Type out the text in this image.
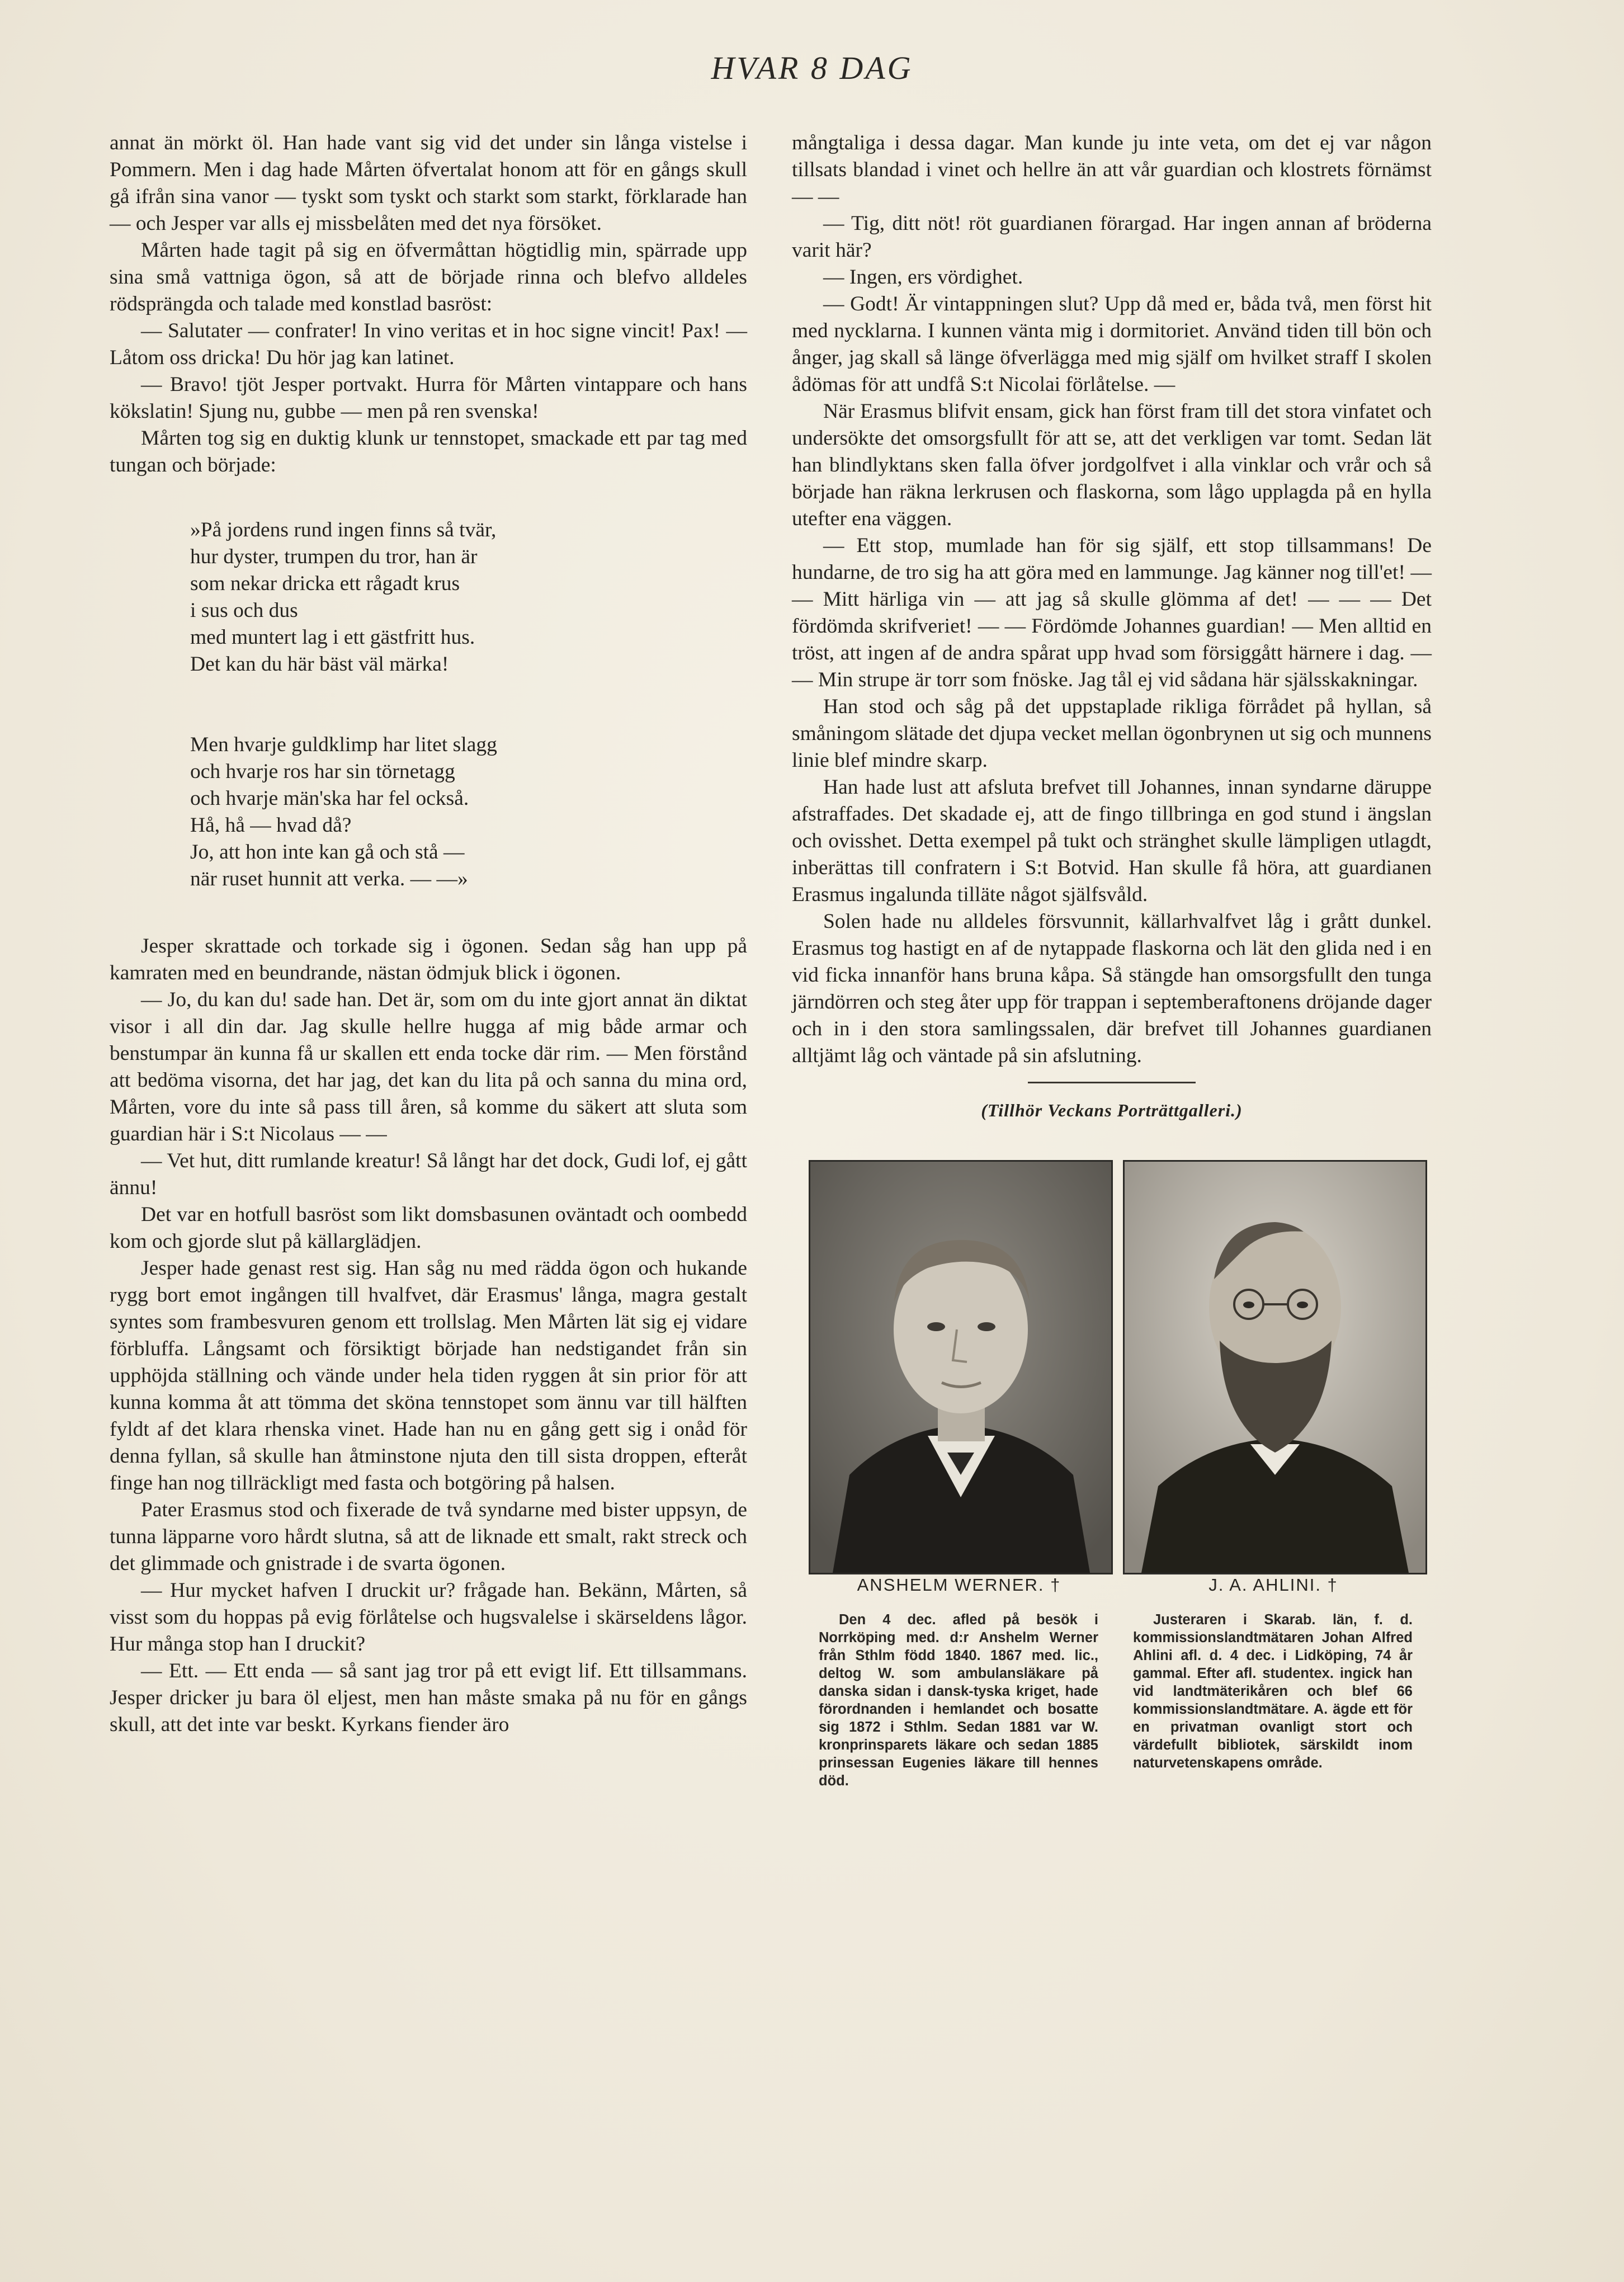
HVAR 8 DAG

annat än mörkt öl. Han hade vant sig vid det under sin långa vistelse i Pommern. Men i dag hade Mårten öfvertalat honom att för en gångs skull gå ifrån sina vanor — tyskt som tyskt och starkt som starkt, förklarade han — och Jesper var alls ej missbelåten med det nya försöket.

Mårten hade tagit på sig en öfvermåttan högtidlig min, spärrade upp sina små vattniga ögon, så att de började rinna och blefvo alldeles rödsprängda och talade med konstlad basröst:

— Salutater — confrater! In vino veritas et in hoc signe vincit! Pax! — Låtom oss dricka! Du hör jag kan latinet.

— Bravo! tjöt Jesper portvakt. Hurra för Mårten vintappare och hans kökslatin! Sjung nu, gubbe — men på ren svenska!

Mårten tog sig en duktig klunk ur tennstopet, smackade ett par tag med tungan och började:

»På jordens rund ingen finns så tvär,
hur dyster, trumpen du tror, han är
som nekar dricka ett rågadt krus
i sus och dus
med muntert lag i ett gästfritt hus.
Det kan du här bäst väl märka!

Men hvarje guldklimp har litet slagg
och hvarje ros har sin törnetagg
och hvarje män'ska har fel också.
Hå, hå — hvad då?
Jo, att hon inte kan gå och stå —
när ruset hunnit att verka. — —»

Jesper skrattade och torkade sig i ögonen. Sedan såg han upp på kamraten med en beundrande, nästan ödmjuk blick i ögonen.

— Jo, du kan du! sade han. Det är, som om du inte gjort annat än diktat visor i all din dar. Jag skulle hellre hugga af mig både armar och benstumpar än kunna få ur skallen ett enda tocke där rim. — Men förstånd att bedöma visorna, det har jag, det kan du lita på och sanna du mina ord, Mårten, vore du inte så pass till åren, så komme du säkert att sluta som guardian här i S:t Nicolaus — —

— Vet hut, ditt rumlande kreatur! Så långt har det dock, Gudi lof, ej gått ännu!

Det var en hotfull basröst som likt domsbasunen oväntadt och oombedd kom och gjorde slut på källarglädjen.

Jesper hade genast rest sig. Han såg nu med rädda ögon och hukande rygg bort emot ingången till hvalfvet, där Erasmus' långa, magra gestalt syntes som frambesvuren genom ett trollslag. Men Mårten lät sig ej vidare förbluffa. Långsamt och försiktigt började han nedstigandet från sin upphöjda ställning och vände under hela tiden ryggen åt sin prior för att kunna komma åt att tömma det sköna tennstopet som ännu var till hälften fyldt af det klara rhenska vinet. Hade han nu en gång gett sig i onåd för denna fyllan, så skulle han åtminstone njuta den till sista droppen, efteråt finge han nog tillräckligt med fasta och botgöring på halsen.

Pater Erasmus stod och fixerade de två syndarne med bister uppsyn, de tunna läpparne voro hårdt slutna, så att de liknade ett smalt, rakt streck och det glimmade och gnistrade i de svarta ögonen.

— Hur mycket hafven I druckit ur? frågade han. Bekänn, Mårten, så visst som du hoppas på evig förlåtelse och hugsvalelse i skärseldens lågor. Hur många stop han I druckit?

— Ett. — Ett enda — så sant jag tror på ett evigt lif. Ett tillsammans. Jesper dricker ju bara öl eljest, men han måste smaka på nu för en gångs skull, att det inte var beskt. Kyrkans fiender äro

mångtaliga i dessa dagar. Man kunde ju inte veta, om det ej var någon tillsats blandad i vinet och hellre än att vår guardian och klostrets förnämst — —

— Tig, ditt nöt! röt guardianen förargad. Har ingen annan af bröderna varit här?

— Ingen, ers vördighet.

— Godt! Är vintappningen slut? Upp då med er, båda två, men först hit med nycklarna. I kunnen vänta mig i dormitoriet. Använd tiden till bön och ånger, jag skall så länge öfverlägga med mig själf om hvilket straff I skolen ådömas för att undfå S:t Nicolai förlåtelse. —

När Erasmus blifvit ensam, gick han först fram till det stora vinfatet och undersökte det omsorgsfullt för att se, att det verkligen var tomt. Sedan lät han blindlyktans sken falla öfver jordgolfvet i alla vinklar och vrår och så började han räkna lerkrusen och flaskorna, som lågo upplagda på en hylla utefter ena väggen.

— Ett stop, mumlade han för sig själf, ett stop tillsammans! De hundarne, de tro sig ha att göra med en lammunge. Jag känner nog till'et! — — Mitt härliga vin — att jag så skulle glömma af det! — — — Det fördömda skrifveriet! — — Fördömde Johannes guardian! — Men alltid en tröst, att ingen af de andra spårat upp hvad som försiggått härnere i dag. — — Min strupe är torr som fnöske. Jag tål ej vid sådana här själsskakningar.

Han stod och såg på det uppstaplade rikliga förrådet på hyllan, så småningom slätade det djupa vecket mellan ögonbrynen ut sig och munnens linie blef mindre skarp.

Han hade lust att afsluta brefvet till Johannes, innan syndarne däruppe afstraffades. Det skadade ej, att de fingo tillbringa en god stund i ängslan och ovisshet. Detta exempel på tukt och stränghet skulle lämpligen utlagdt, inberättas till confratern i S:t Botvid. Han skulle få höra, att guardianen Erasmus ingalunda tilläte något själfsvåld.

Solen hade nu alldeles försvunnit, källarhvalfvet låg i grått dunkel. Erasmus tog hastigt en af de nytappade flaskorna och lät den glida ned i en vid ficka innanför hans bruna kåpa. Så stängde han omsorgsfullt den tunga järndörren och steg åter upp för trappan i septemberaftonens dröjande dager och in i den stora samlingssalen, där brefvet till Johannes guardianen alltjämt låg och väntade på sin afslutning.

(Tillhör Veckans Porträttgalleri.)
ANSHELM WERNER. †	J. A. AHLINI. †
Den 4 dec. afled på besök i Norrköping med. d:r Anshelm Werner från Sthlm född 1840. 1867 med. lic., deltog W. som ambulansläkare på danska sidan i dansk-tyska kriget, hade förordnanden i hemlandet och bosatte sig 1872 i Sthlm. Sedan 1881 var W. kronprinsparets läkare och sedan 1885 prinsessan Eugenies läkare till hennes död.
Justeraren i Skarab. län, f. d. kommissionslandtmätaren Johan Alfred Ahlini afl. d. 4 dec. i Lidköping, 74 år gammal. Efter afl. studentex. ingick han vid landtmäterikåren och blef 66 kommissionslandtmätare. A. ägde ett för en privatman ovanligt stort och värdefullt bibliotek, särskildt inom naturvetenskapens område.
